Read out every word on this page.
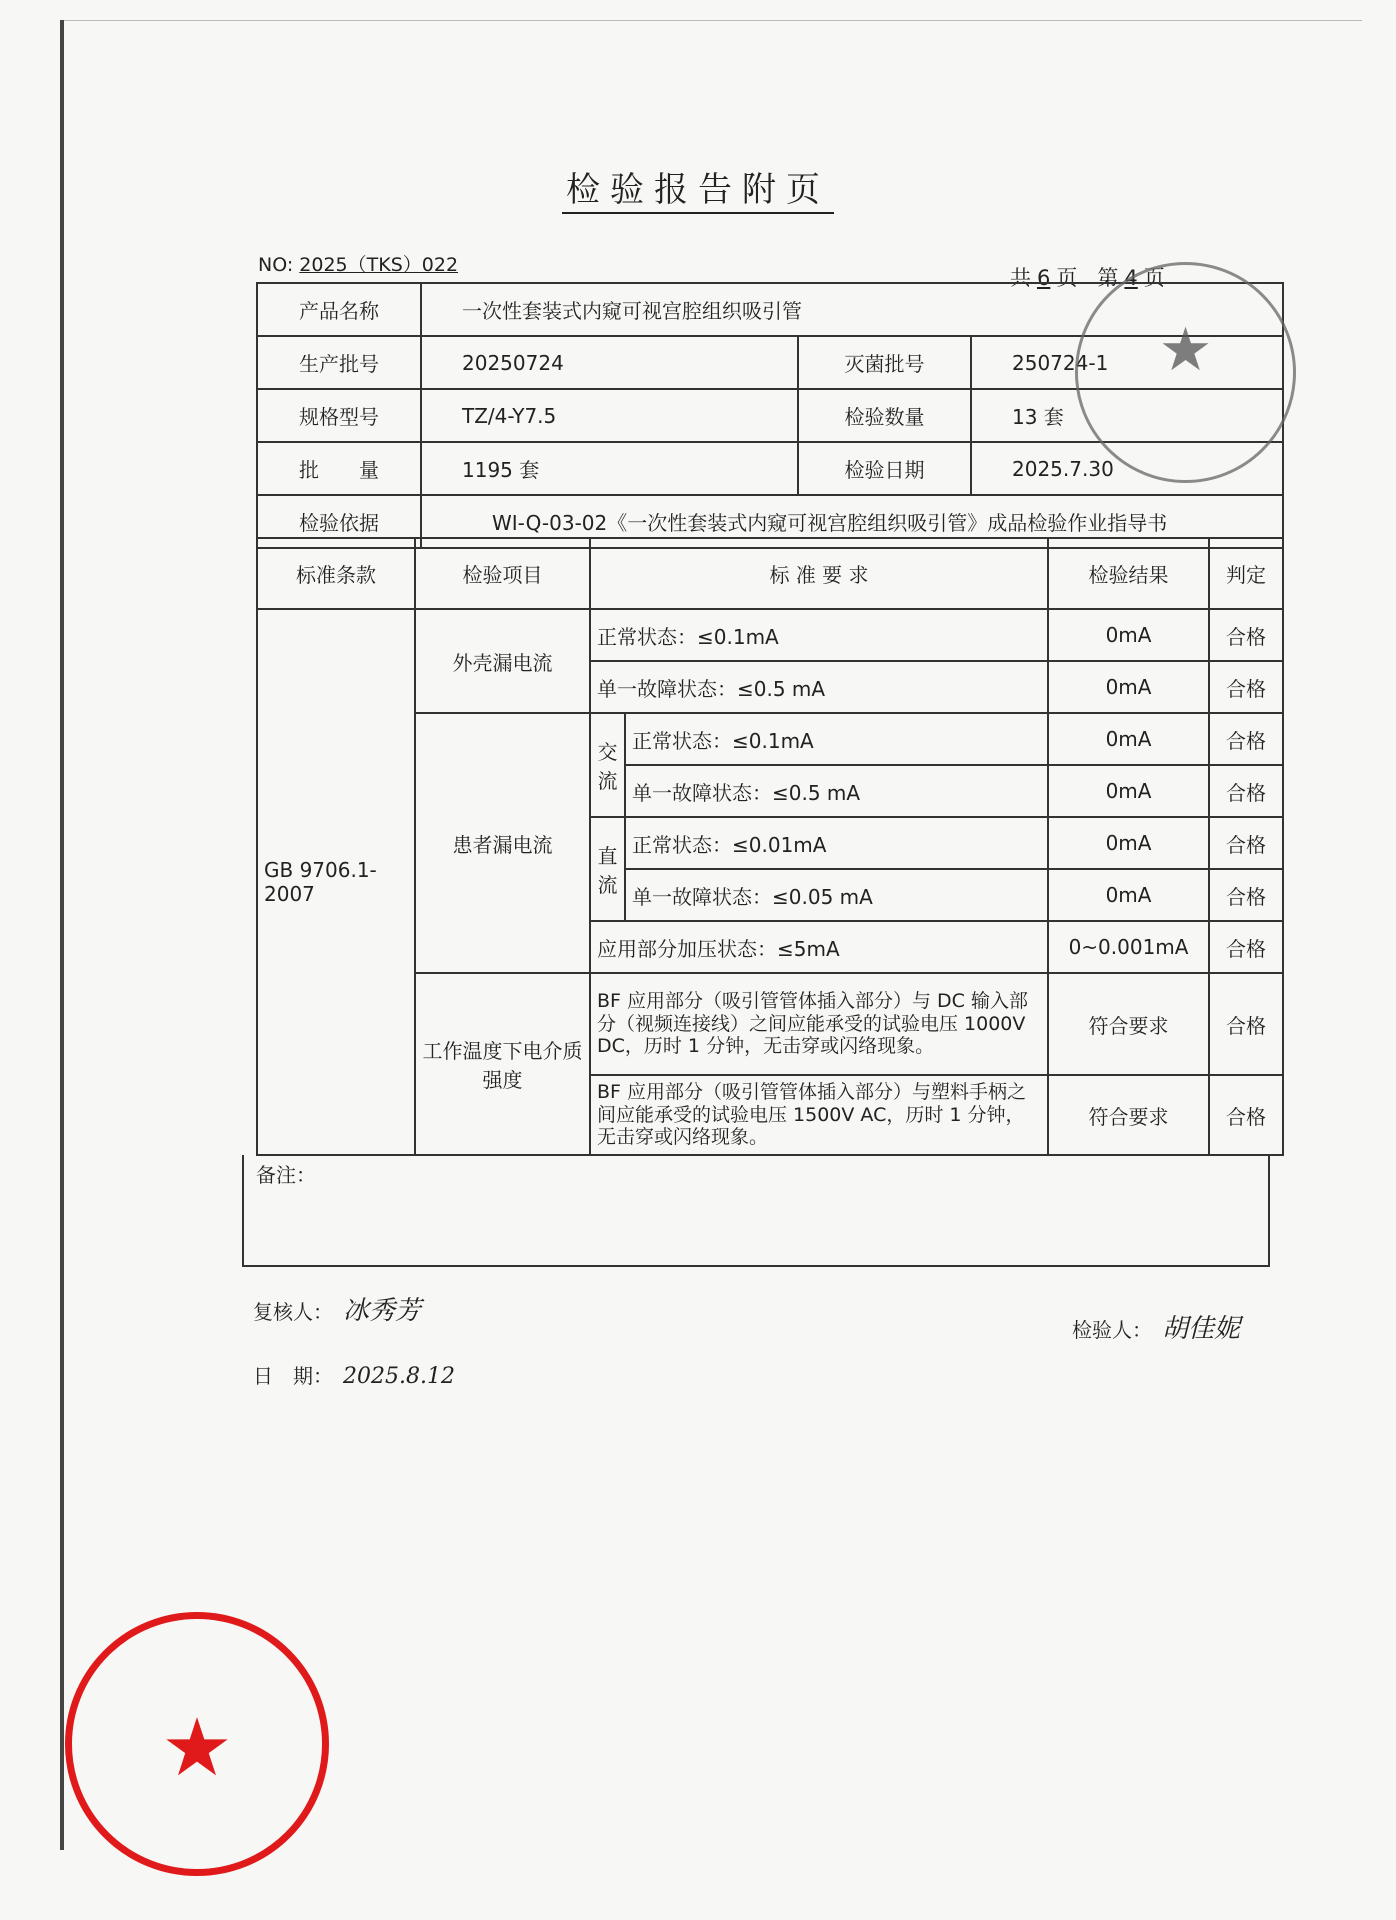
检验报告附页
NO: 2025（TKS）022
共 6 页 第 4 页
产品名称	一次性套装式内窥可视宫腔组织吸引管		
生产批号	20250724	灭菌批号	250724-1
规格型号	TZ/4-Y7.5	检验数量	13 套
批　　量	1195 套	检验日期	2025.7.30
检验依据	WI-Q-03-02《一次性套装式内窥可视宫腔组织吸引管》成品检验作业指导书		
标准条款	检验项目	标 准 要 求		检验结果	判定
GB 9706.1-2007	外壳漏电流	正常状态：≤0.1mA		0mA	合格
		单一故障状态：≤0.5 mA		0mA	合格
	患者漏电流	交流	正常状态：≤0.1mA	0mA	合格
			单一故障状态：≤0.5 mA	0mA	合格
		直流	正常状态：≤0.01mA	0mA	合格
			单一故障状态：≤0.05 mA	0mA	合格
		应用部分加压状态：≤5mA		0~0.001mA	合格
	工作温度下电介质强度	BF 应用部分（吸引管管体插入部分）与 DC 输入部分（视频连接线）之间应能承受的试验电压 1000V DC，历时 1 分钟，无击穿或闪络现象。		符合要求	合格
		BF 应用部分（吸引管管体插入部分）与塑料手柄之间应能承受的试验电压 1500V AC，历时 1 分钟，无击穿或闪络现象。		符合要求	合格
备注：
复核人： 冰秀芳
日　期： 2025.8.12
检验人： 胡佳妮
★
★
